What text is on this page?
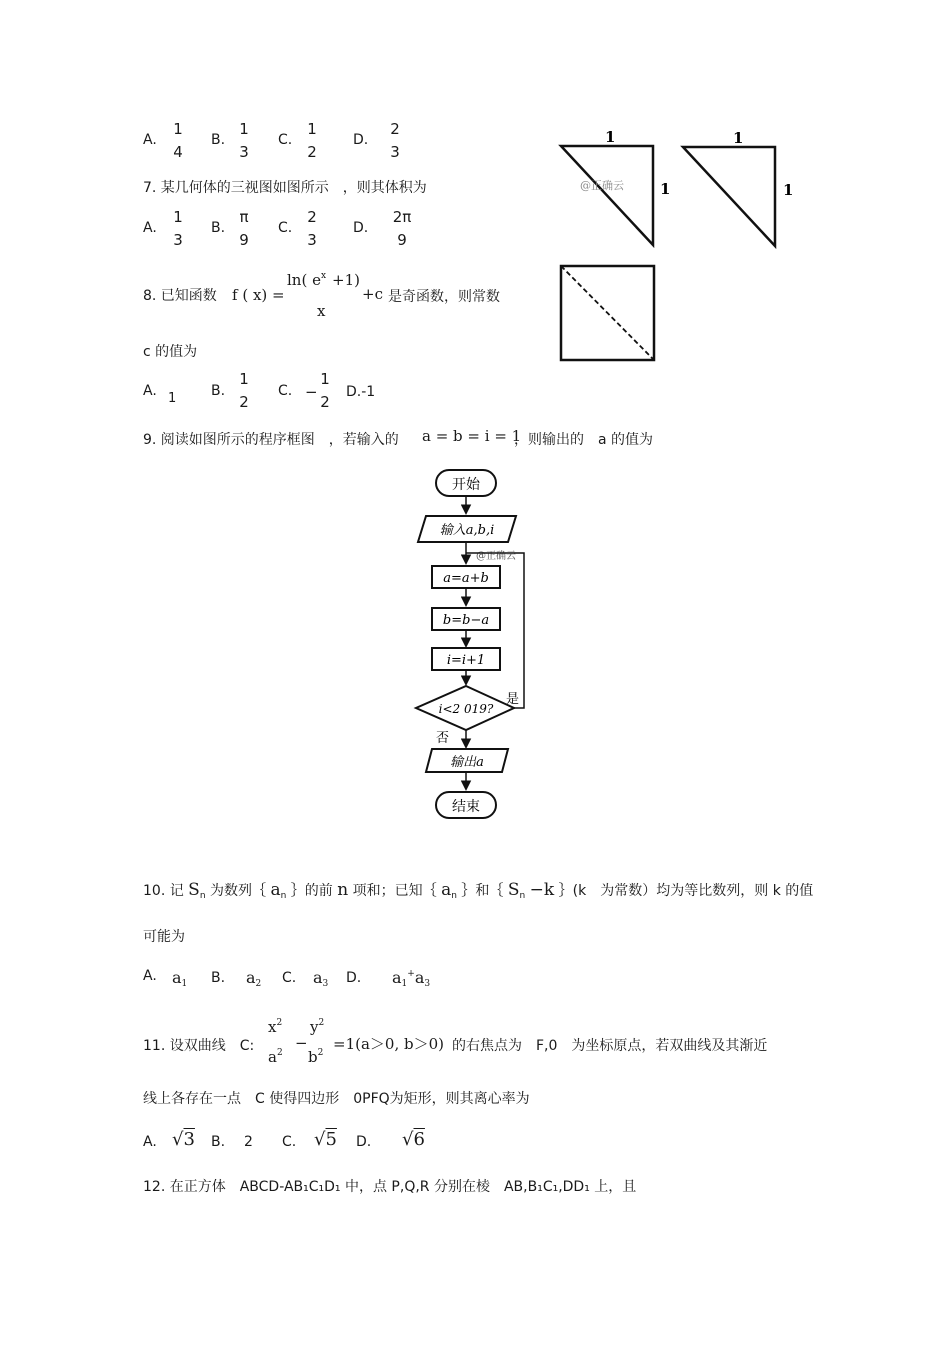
A.
1
4
B.
1
3
C.
1
2
D.
2
3
7. 某几何体的三视图如图所示　，则其体积为
A.
1
3
B.
π
9
C.
2
3
D.
2π
9
8. 已知函数 f ( x) =
ln( $e^x +1$)
x
+c 是奇函数，则常数
c 的值为
A. 1 B.
1
2
C. −
1
2
D.-1
9. 阅读如图所示的程序框图　，若输入的 a = b = i = 1
，则输出的　a 的值为
1
1
@正确云
1
1
开始
输入a,b,i
@正确云
a=a+b
b=b−a
i=i+1
i<2 019?
是
否
输出a
结束
10. 记 $S_n$ 为数列｛ $a_n$ ｝的前 n 项和；已知｛ $a_n$ ｝和｛ $S_n -k$ ｝(k　为常数）均为等比数列，则 k 的值
可能为
A. $a_1$ B. $a_2$ C. $a_3$ D. $a_1^+a_3$
11. 设双曲线　C:
$x^2$
$a^2$
−
$y^2$
$b^2 =1(a>0$, b＞0) 的右焦点为　F,0　为坐标原点，若双曲线及其渐近
线上各存在一点　C 使得四边形　0PFQ为矩形，则其离心率为
A. √3 B. 2 C. √5 D. √6
12. 在正方体　ABCD-AB₁C₁D₁ 中，点 P,Q,R 分别在棱　AB,B₁C₁,DD₁ 上，且
